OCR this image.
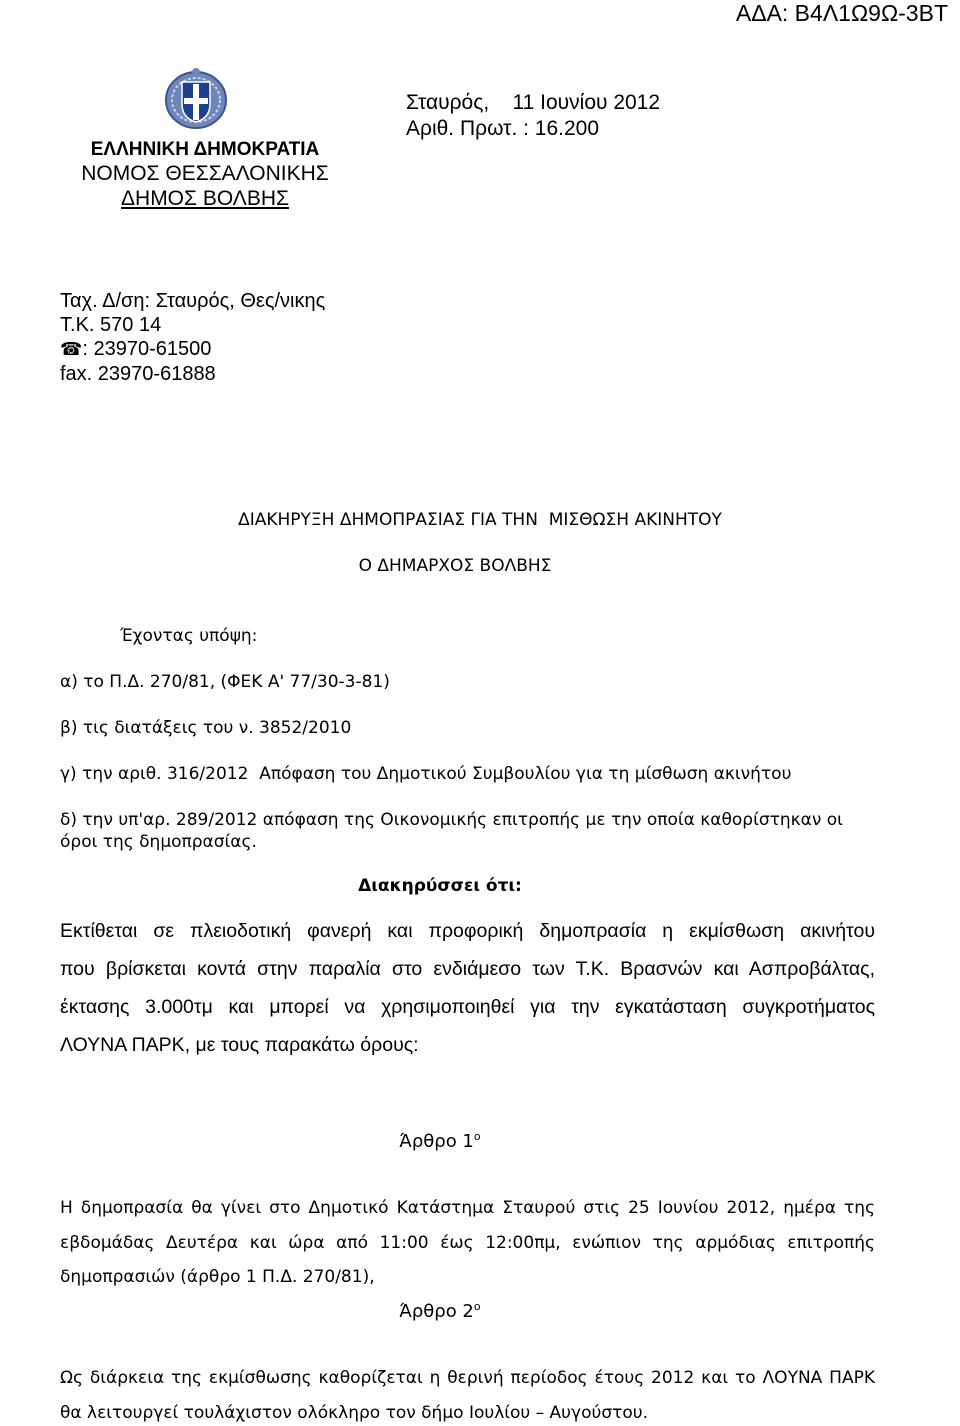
ΑΔΑ: Β4Λ1Ω9Ω-3ΒΤ
ΕΛΛΗΝΙΚΗ ΔΗΜΟΚΡΑΤΙΑ
ΝΟΜΟΣ ΘΕΣΣΑΛΟΝΙΚΗΣ
ΔΗΜΟΣ ΒΟΛΒΗΣ
Σταυρός,    11 Ιουνίου 2012
Αριθ. Πρωτ. : 16.200
Ταχ. Δ/ση: Σταυρός, Θες/νικης
Τ.Κ. 570 14
☎: 23970-61500
fax. 23970-61888
ΔΙΑΚΗΡΥΞΗ ΔΗΜΟΠΡΑΣΙΑΣ ΓΙΑ ΤΗΝ  ΜΙΣΘΩΣΗ ΑΚΙΝΗΤΟΥ
Ο ΔΗΜΑΡΧΟΣ ΒΟΛΒΗΣ
Έχοντας υπόψη:
α) το Π.Δ. 270/81, (ΦΕΚ Α' 77/30-3-81)
β) τις διατάξεις του ν. 3852/2010
γ) την αριθ. 316/2012  Απόφαση του Δημοτικού Συμβουλίου για τη μίσθωση ακινήτου
δ) την υπ'αρ. 289/2012 απόφαση της Οικονομικής επιτροπής με την οποία καθορίστηκαν οι όροι της δημοπρασίας.
Διακηρύσσει ότι:
Εκτίθεται σε πλειοδοτική φανερή και προφορική δημοπρασία η εκμίσθωση ακινήτου
που βρίσκεται κοντά στην παραλία στο ενδιάμεσο των Τ.Κ. Βρασνών και Ασπροβάλτας,
έκτασης 3.000τμ και μπορεί να χρησιμοποιηθεί για την εγκατάσταση συγκροτήματος
ΛΟΥΝΑ ΠΑΡΚ, με τους παρακάτω όρους:
Άρθρο $1^o$
Η δημοπρασία θα γίνει στο Δημοτικό Κατάστημα Σταυρού στις 25 Ιουνίου 2012, ημέρα της
εβδομάδας Δευτέρα και ώρα από 11:00 έως 12:00πμ, ενώπιον της αρμόδιας επιτροπής
δημοπρασιών (άρθρο 1 Π.Δ. 270/81),
Άρθρο $2^o$
Ως διάρκεια της εκμίσθωσης καθορίζεται η θερινή περίοδος έτους 2012 και το ΛΟΥΝΑ ΠΑΡΚ
θα λειτουργεί τουλάχιστον ολόκληρο τον δήμο Ιουλίου – Αυγούστου.
